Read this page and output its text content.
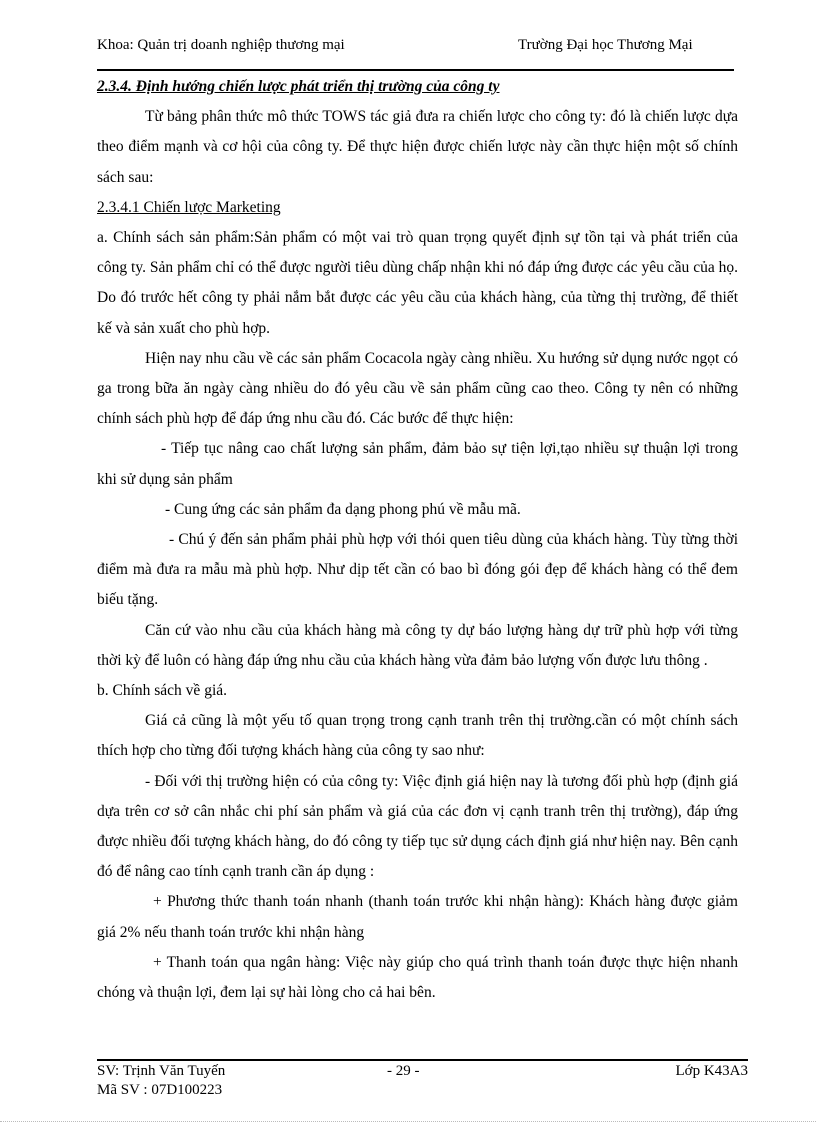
Khoa: Quản trị doanh nghiệp thương mại	Trường Đại học Thương Mại

2.3.4. Định hướng chiến lược phát triển thị trường của công ty

Từ bảng phân thức mô thức TOWS tác giả đưa ra chiến lược cho công ty: đó là chiến lược dựa theo điểm mạnh và cơ hội của công ty. Để thực hiện được chiến lược này cần thực hiện một số chính sách sau:

2.3.4.1 Chiến lược Marketing

a. Chính sách sản phẩm:Sản phẩm có một vai trò quan trọng quyết định sự tồn tại và phát triển của công ty. Sản phẩm chỉ có thể được người tiêu dùng chấp nhận khi nó đáp ứng được các yêu cầu của họ. Do đó trước hết công ty phải nắm bắt được các yêu cầu của khách hàng, của từng thị trường, để thiết kế và sản xuất cho phù hợp.

Hiện nay nhu cầu về các sản phẩm Cocacola ngày càng nhiều. Xu hướng sử dụng nước ngọt có ga trong bữa ăn ngày càng nhiều do đó yêu cầu về sản phẩm cũng cao theo. Công ty nên có những chính sách phù hợp để đáp ứng nhu cầu đó. Các bước để thực hiện:

- Tiếp tục nâng cao chất lượng sản phẩm, đảm bảo sự tiện lợi,tạo nhiều sự thuận lợi trong khi sử dụng sản phẩm

- Cung ứng các sản phẩm đa dạng phong phú về mẫu mã.

- Chú ý đến sản phẩm phải phù hợp với thói quen tiêu dùng của khách hàng. Tùy từng thời điểm mà đưa ra mẫu mà phù hợp. Như dịp tết cần có bao bì đóng gói đẹp để khách hàng có thể đem biếu tặng.

Căn cứ vào nhu cầu của khách hàng mà công ty dự báo lượng hàng dự trữ phù hợp với từng thời kỳ để luôn có hàng đáp ứng nhu cầu của khách hàng vừa đảm bảo lượng vốn được lưu thông .

b. Chính sách về giá.

Giá cả cũng là một yếu tố quan trọng trong cạnh tranh trên thị trường.cần có một chính sách thích hợp cho từng đối tượng khách hàng của công ty sao như:

- Đối với thị trường hiện có của công ty: Việc định giá hiện nay là tương đối phù hợp (định giá dựa trên cơ sở cân nhắc chi phí sản phẩm và giá của các đơn vị cạnh tranh trên thị trường), đáp ứng được nhiều đối tượng khách hàng, do đó công ty tiếp tục sử dụng cách định giá như hiện nay. Bên cạnh đó để nâng cao tính cạnh tranh cần áp dụng :

+ Phương thức thanh toán nhanh (thanh toán trước khi nhận hàng): Khách hàng được giảm giá 2% nếu thanh toán trước khi nhận hàng

+ Thanh toán qua ngân hàng: Việc này giúp cho quá trình thanh toán được thực hiện nhanh chóng và thuận lợi, đem lại sự hài lòng cho cả hai bên.

SV: Trịnh Văn Tuyến	- 29 -	Lớp K43A3
Mã SV : 07D100223
